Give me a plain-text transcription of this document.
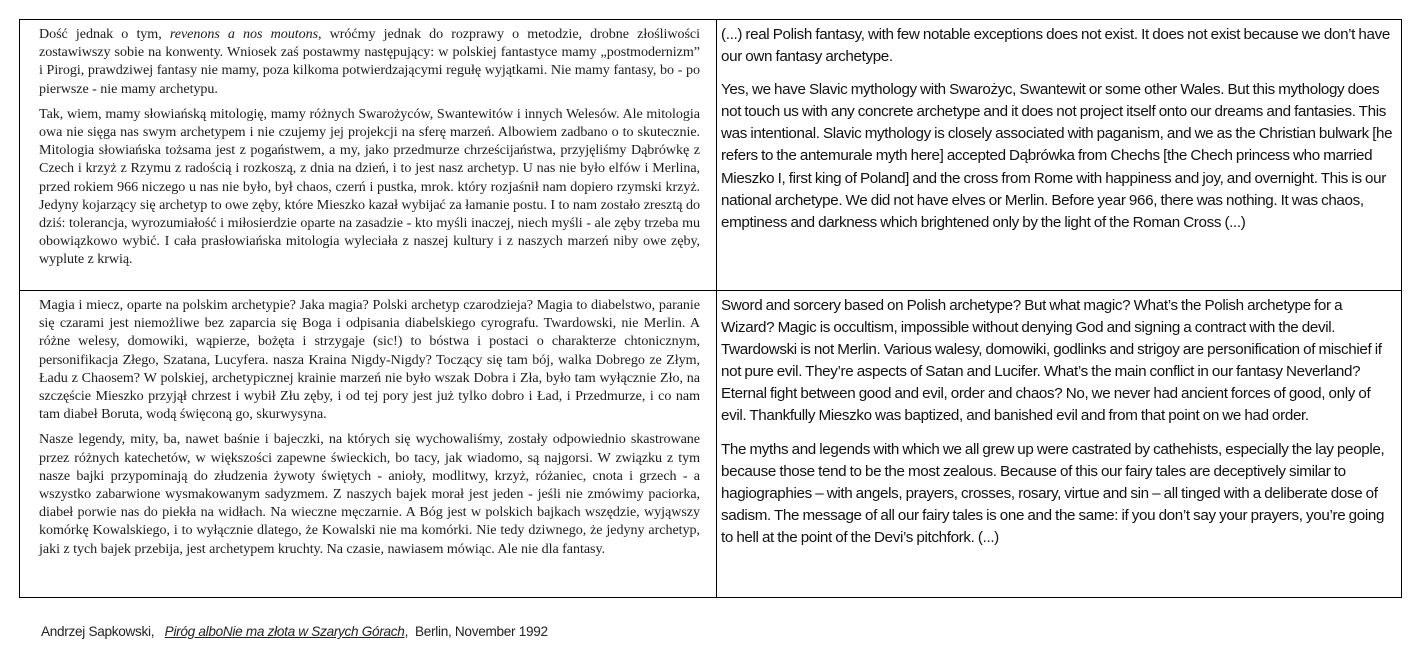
Dość jednak o tym, revenons a nos moutons, wróćmy jednak do rozprawy o metodzie, drobne złośliwości zostawiwszy sobie na konwenty. Wniosek zaś postawmy następujący: w polskiej fantastyce mamy „postmodernizm” i Pirogi, prawdziwej fantasy nie mamy, poza kilkoma potwierdzającymi regułę wyjątkami. Nie mamy fantasy, bo - po pierwsze - nie mamy archetypu.

Tak, wiem, mamy słowiańską mitologię, mamy różnych Swarożyców, Swantewitów i innych Welesów. Ale mitologia owa nie sięga nas swym archetypem i nie czujemy jej projekcji na sferę marzeń. Albowiem zadbano o to skutecznie. Mitologia słowiańska tożsama jest z pogaństwem, a my, jako przedmurze chrześcijaństwa, przyjęliśmy Dąbrówkę z Czech i krzyż z Rzymu z radością i rozkoszą, z dnia na dzień, i to jest nasz archetyp. U nas nie było elfów i Merlina, przed rokiem 966 niczego u nas nie było, był chaos, czerń i pustka, mrok. który rozjaśnił nam dopiero rzymski krzyż. Jedyny kojarzący się archetyp to owe zęby, które Mieszko kazał wybijać za łamanie postu. I to nam zostało zresztą do dziś: tolerancja, wyrozumiałość i miłosierdzie oparte na zasadzie - kto myśli inaczej, niech myśli - ale zęby trzeba mu obowiązkowo wybić. I cała prasłowiańska mitologia wyleciała z naszej kultury i z naszych marzeń niby owe zęby, wyplute z krwią.

(...) real Polish fantasy, with few notable exceptions does not exist. It does not exist because we don’t have our own fantasy archetype.

Yes, we have Slavic mythology with Swarożyc, Swantewit or some other Wales. But this mythology does not touch us with any concrete archetype and it does not project itself onto our dreams and fantasies. This was intentional. Slavic mythology is closely associated with paganism, and we as the Christian bulwark [he refers to the antemurale myth here] accepted Dąbrówka from Chechs [the Chech princess who married Mieszko I, first king of Poland] and the cross from Rome with happiness and joy, and overnight. This is our national archetype. We did not have elves or Merlin. Before year 966, there was nothing. It was chaos, emptiness and darkness which brightened only by the light of the Roman Cross (...)

Magia i miecz, oparte na polskim archetypie? Jaka magia? Polski archetyp czarodzieja? Magia to diabelstwo, paranie się czarami jest niemożliwe bez zaparcia się Boga i odpisania diabelskiego cyrografu. Twardowski, nie Merlin. A różne welesy, domowiki, wąpierze, bożęta i strzygaje (sic!) to bóstwa i postaci o charakterze chtonicznym, personifikacja Złego, Szatana, Lucyfera. nasza Kraina Nigdy-Nigdy? Toczący się tam bój, walka Dobrego ze Złym, Ładu z Chaosem? W polskiej, archetypicznej krainie marzeń nie było wszak Dobra i Zła, było tam wyłącznie Zło, na szczęście Mieszko przyjął chrzest i wybił Złu zęby, i od tej pory jest już tylko dobro i Ład, i Przedmurze, i co nam tam diabeł Boruta, wodą święconą go, skurwysyna.

Nasze legendy, mity, ba, nawet baśnie i bajeczki, na których się wychowaliśmy, zostały odpowiednio skastrowane przez różnych katechetów, w większości zapewne świeckich, bo tacy, jak wiadomo, są najgorsi. W związku z tym nasze bajki przypominają do złudzenia żywoty świętych - anioły, modlitwy, krzyż, różaniec, cnota i grzech - a wszystko zabarwione wysmakowanym sadyzmem. Z naszych bajek morał jest jeden - jeśli nie zmówimy paciorka, diabeł porwie nas do piekła na widłach. Na wieczne męczarnie. A Bóg jest w polskich bajkach wszędzie, wyjąwszy komórkę Kowalskiego, i to wyłącznie dlatego, że Kowalski nie ma komórki. Nie tedy dziwnego, że jedyny archetyp, jaki z tych bajek przebija, jest archetypem kruchty. Na czasie, nawiasem mówiąc. Ale nie dla fantasy.

Sword and sorcery based on Polish archetype? But what magic? What’s the Polish archetype for a Wizard? Magic is occultism, impossible without denying God and signing a contract with the devil. Twardowski is not Merlin. Various walesy, domowiki, godlinks and strigoy are personification of mischief if not pure evil. They’re aspects of Satan and Lucifer. What’s the main conflict in our fantasy Neverland? Eternal fight between good and evil, order and chaos? No, we never had ancient forces of good, only of evil. Thankfully Mieszko was baptized, and banished evil and from that point on we had order.

The myths and legends with which we all grew up were castrated by cathehists, especially the lay people, because those tend to be the most zealous. Because of this our fairy tales are deceptively similar to hagiographies – with angels, prayers, crosses, rosary, virtue and sin – all tinged with a deliberate dose of sadism. The message of all our fairy tales is one and the same: if you don’t say your prayers, you’re going to hell at the point of the Devi’s pitchfork. (...)

Andrzej Sapkowski, Piróg alboNie ma złota w Szarych Górach,  Berlin, November 1992
